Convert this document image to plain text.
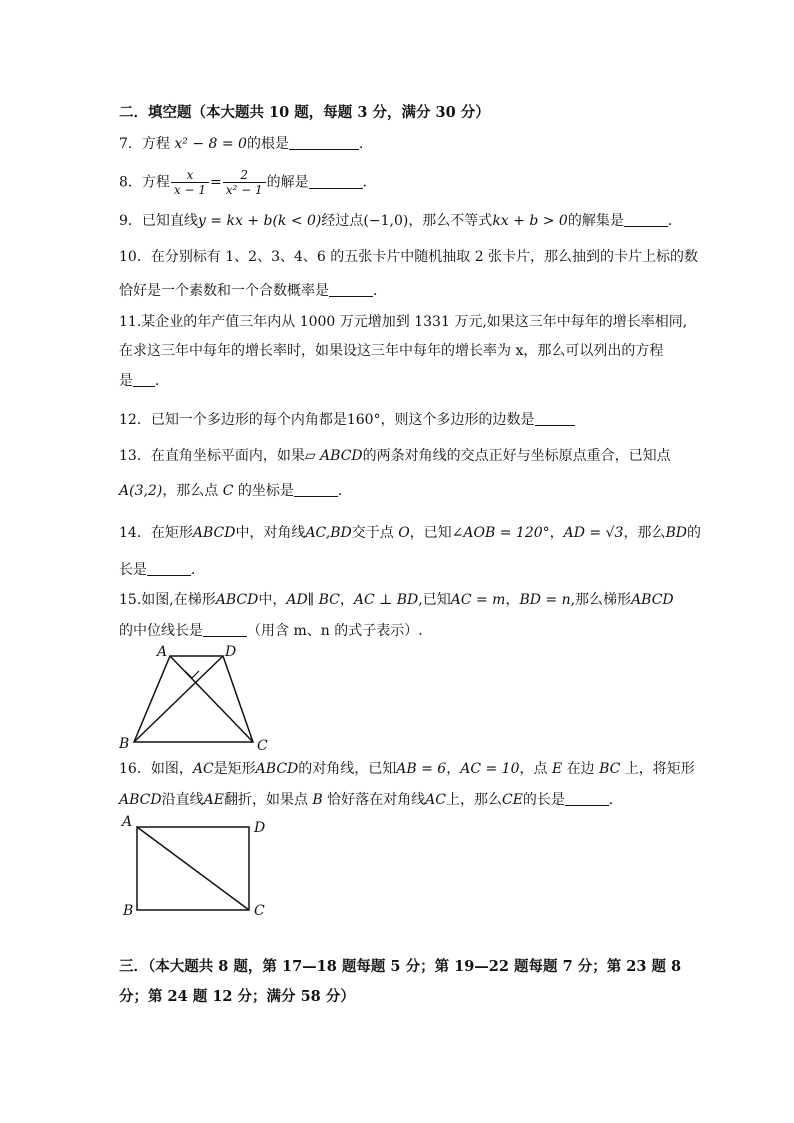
二．填空题（本大题共 10 题，每题 3 分，满分 30 分）
7．方程 x² − 8 = 0的根是	．
8．方程 $\frac{x}{x - 1} = \frac{2}{\text{x² − 1}}$ 的解是	．
9．已知直线y = kx + b(k < 0)经过点(−1,0)，那么不等式kx + b > 0的解集是	．
10．在分别标有 1、2、3、4、6 的五张卡片中随机抽取 2 张卡片，那么抽到的卡片上标的数
恰好是一个素数和一个合数概率是	．
11.某企业的年产值三年内从 1000 万元增加到 1331 万元,如果这三年中每年的增长率相同,
在求这三年中每年的增长率时，如果设这三年中每年的增长率为 x，那么可以列出的方程
是 ．
12．已知一个多边形的每个内角都是160°，则这个多边形的边数是
13．在直角坐标平面内，如果▱ ABCD的两条对角线的交点正好与坐标原点重合，已知点
A(3,2)，那么点 C 的坐标是	．
14．在矩形ABCD中，对角线AC,BD交于点 O，已知∠AOB = 120°，AD = √3，那么BD的
长是	．
15.如图,在梯形ABCD中，AD∥ BC，AC ⊥ BD,已知AC = m，BD = n,那么梯形ABCD
的中位线长是	（用含 m、n 的式子表示）.
A	D
B	C
16．如图，AC是矩形ABCD的对角线，已知AB = 6，AC = 10，点 E 在边 BC 上，将矩形
ABCD沿直线AE翻折，如果点 B 恰好落在对角线AC上，那么CE的长是	．
A	D
B	C
三．（本大题共 8 题，第 17—18 题每题 5 分；第 19—22 题每题 7 分；第 23 题 8
分；第 24 题 12 分；满分 58 分）
